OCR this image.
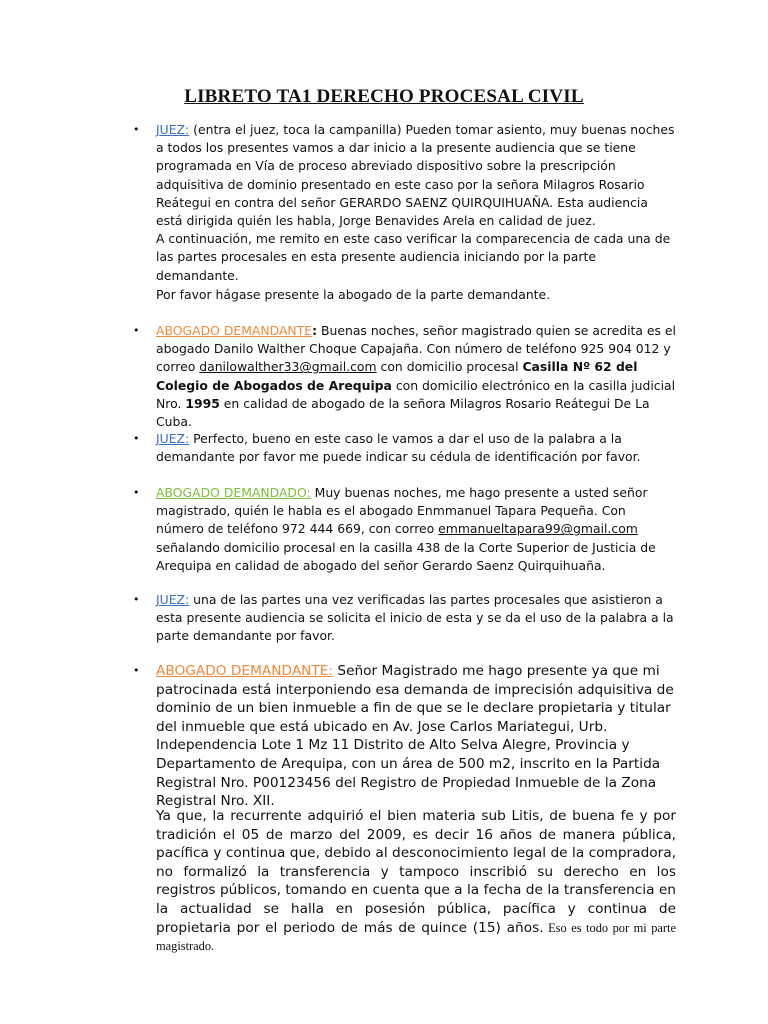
LIBRETO TA1 DERECHO PROCESAL CIVIL
• JUEZ: (entra el juez, toca la campanilla) Pueden tomar asiento, muy buenas noches a todos los presentes vamos a dar inicio a la presente audiencia que se tiene programada en Vía de proceso abreviado dispositivo sobre la prescripción adquisitiva de dominio presentado en este caso por la señora Milagros Rosario Reátegui en contra del señor GERARDO SAENZ QUIRQUIHUAÑA. Esta audiencia está dirigida quién les habla, Jorge Benavides Arela en calidad de juez.
A continuación, me remito en este caso verificar la comparecencia de cada una de las partes procesales en esta presente audiencia iniciando por la parte demandante.
Por favor hágase presente la abogado de la parte demandante.
• ABOGADO DEMANDANTE: Buenas noches, señor magistrado quien se acredita es el abogado Danilo Walther Choque Capajaña. Con número de teléfono 925 904 012 y correo danilowalther33@gmail.com con domicilio procesal Casilla Nº 62 del Colegio de Abogados de Arequipa con domicilio electrónico en la casilla judicial Nro. 1995 en calidad de abogado de la señora Milagros Rosario Reátegui De La Cuba.
• JUEZ: Perfecto, bueno en este caso le vamos a dar el uso de la palabra a la demandante por favor me puede indicar su cédula de identificación por favor.
• ABOGADO DEMANDADO: Muy buenas noches, me hago presente a usted señor magistrado, quién le habla es el abogado Enmmanuel Tapara Pequeña. Con número de teléfono 972 444 669, con correo emmanueltapara99@gmail.com señalando domicilio procesal en la casilla 438 de la Corte Superior de Justicia de Arequipa en calidad de abogado del señor Gerardo Saenz Quirquihuaña.
• JUEZ: una de las partes una vez verificadas las partes procesales que asistieron a esta presente audiencia se solicita el inicio de esta y se da el uso de la palabra a la parte demandante por favor.
• ABOGADO DEMANDANTE: Señor Magistrado me hago presente ya que mi patrocinada está interponiendo esa demanda de imprecisión adquisitiva de dominio de un bien inmueble a fin de que se le declare propietaria y titular del inmueble que está ubicado en Av. Jose Carlos Mariategui, Urb. Independencia Lote 1 Mz 11 Distrito de Alto Selva Alegre, Provincia y Departamento de Arequipa, con un área de 500 m2, inscrito en la Partida Registral Nro. P00123456 del Registro de Propiedad Inmueble de la Zona Registral Nro. XII.
Ya que, la recurrente adquirió el bien materia sub Litis, de buena fe y por tradición el 05 de marzo del 2009, es decir 16 años de manera pública, pacífica y continua que, debido al desconocimiento legal de la compradora, no formalizó la transferencia y tampoco inscribió su derecho en los registros públicos, tomando en cuenta que a la fecha de la transferencia en la actualidad se halla en posesión pública, pacífica y continua de propietaria por el periodo de más de quince (15) años. Eso es todo por mi parte magistrado.
